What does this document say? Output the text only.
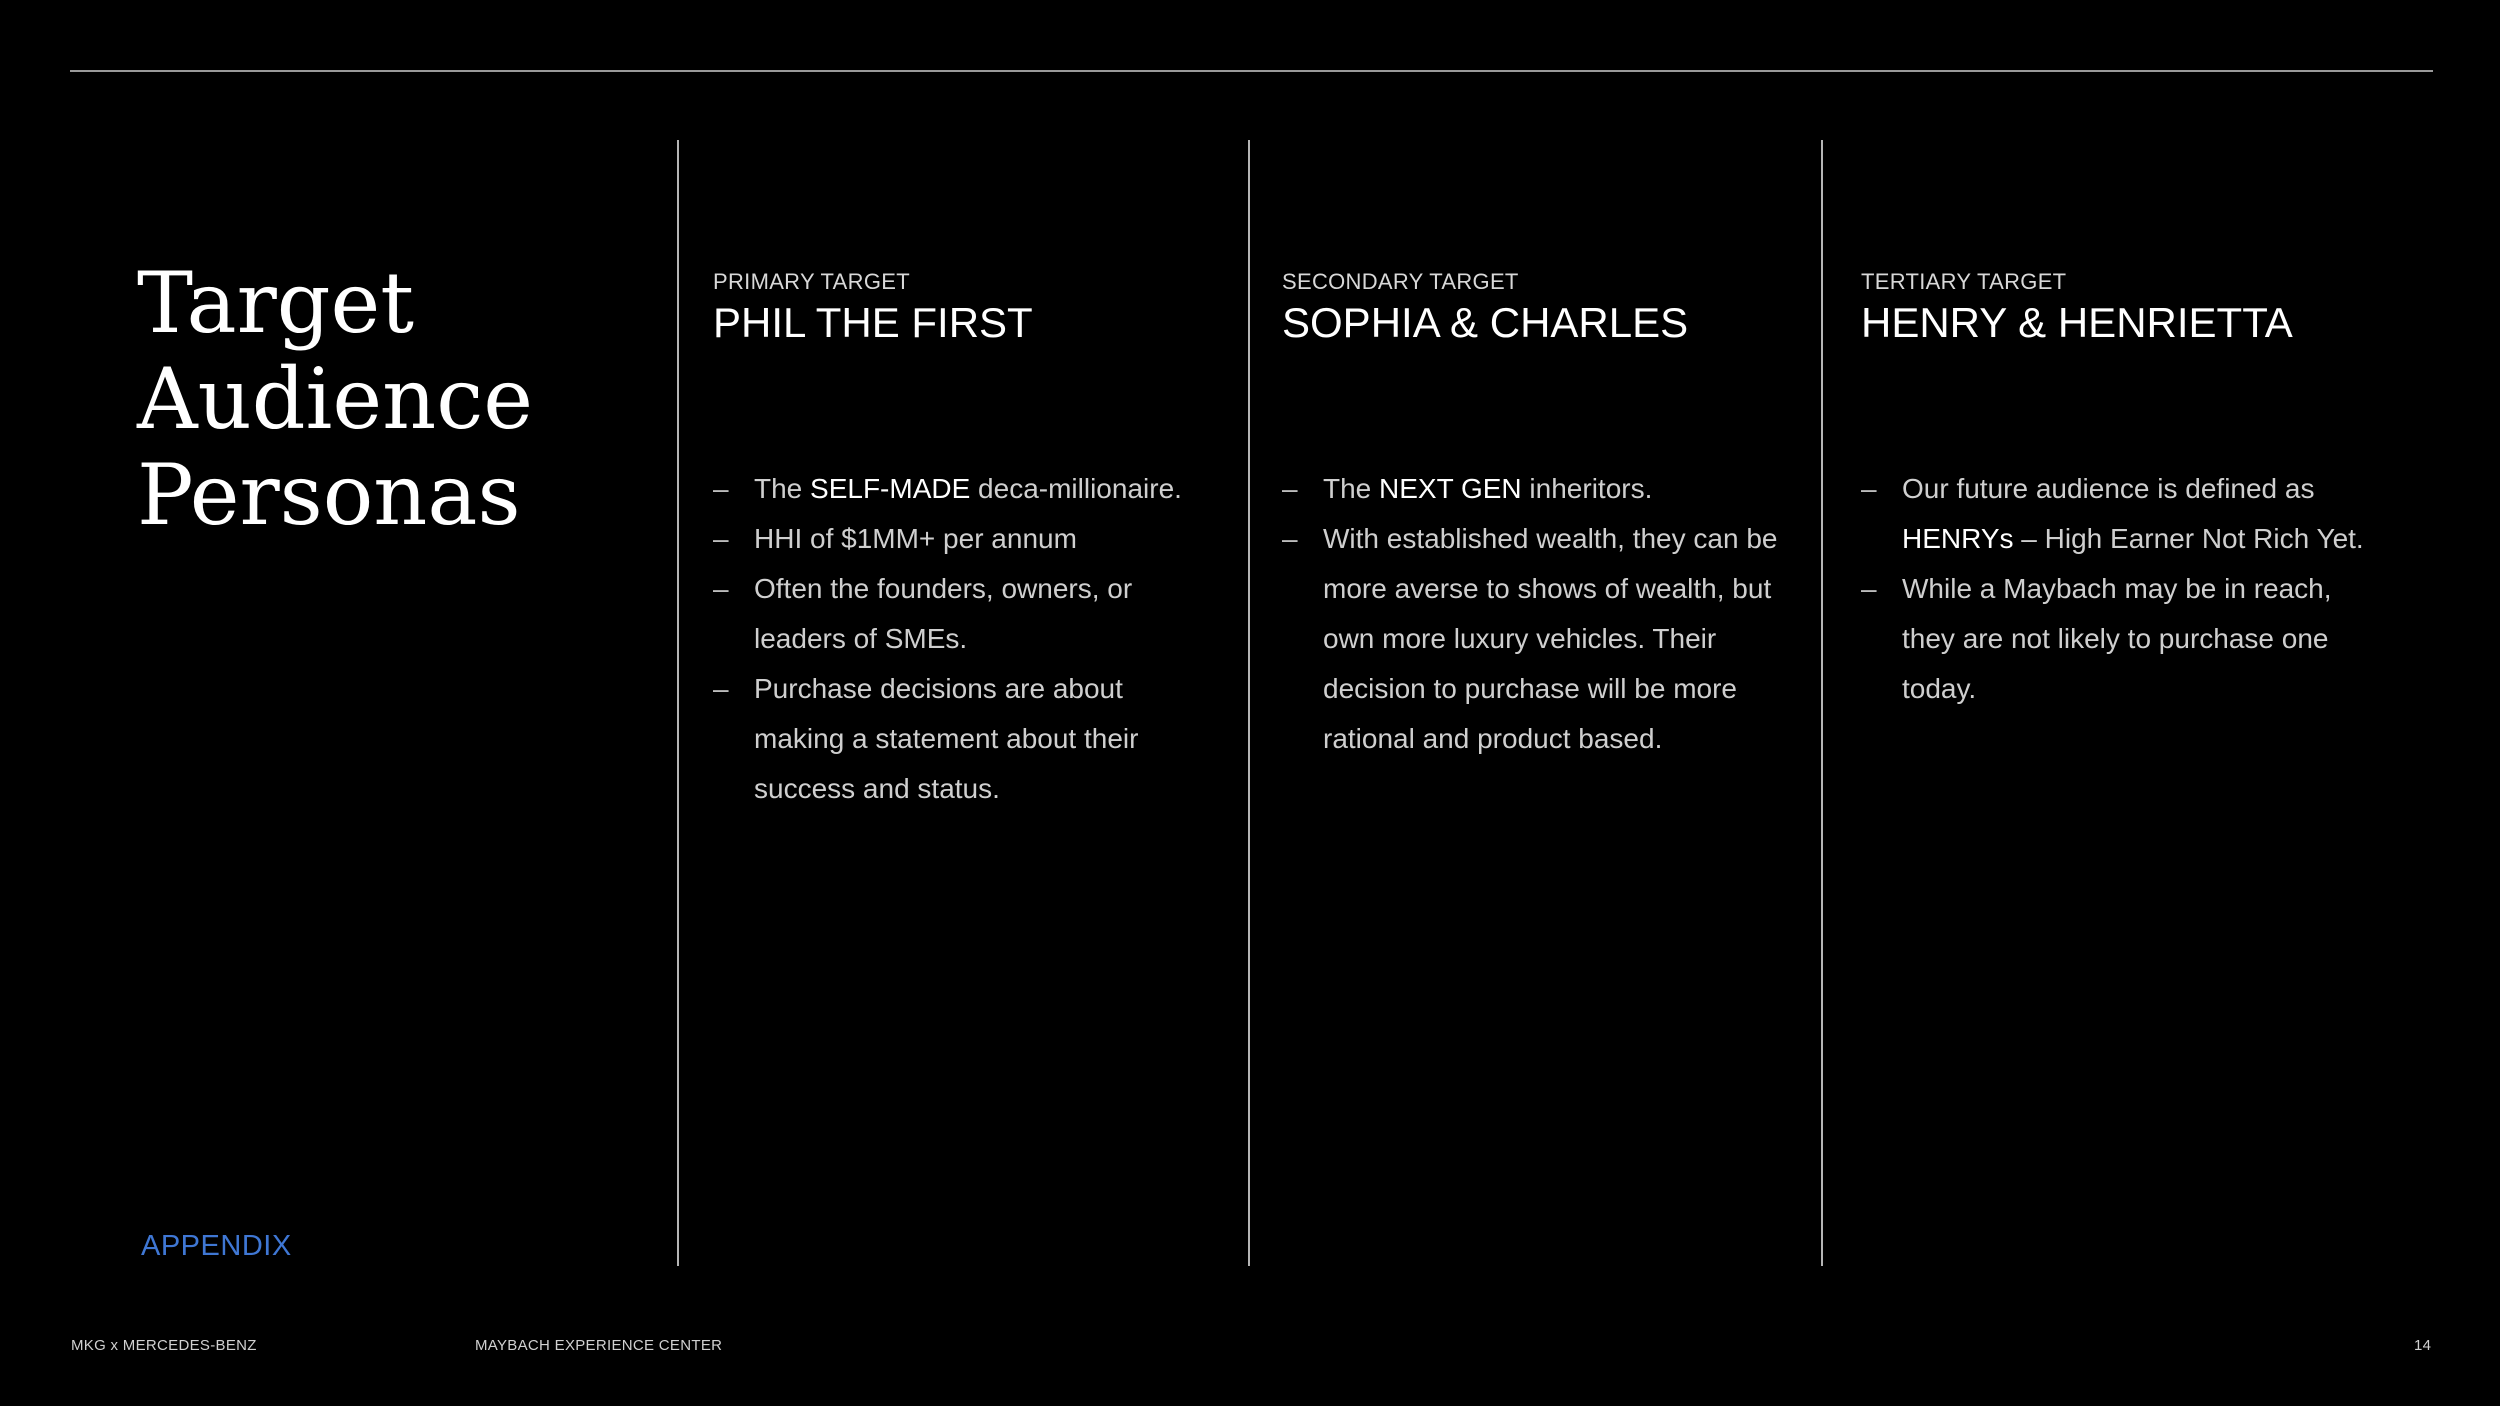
Target
Audience
Personas
APPENDIX
PRIMARY TARGET
PHIL THE FIRST
– The SELF-MADE deca-millionaire.
– HHI of $1MM+ per annum
– Often the founders, owners, or leaders of SMEs.
– Purchase decisions are about making a statement about their success and status.
SECONDARY TARGET
SOPHIA & CHARLES
– The NEXT GEN inheritors.
– With established wealth, they can be more averse to shows of wealth, but own more luxury vehicles. Their decision to purchase will be more rational and product based.
TERTIARY TARGET
HENRY & HENRIETTA
– Our future audience is defined as HENRYs – High Earner Not Rich Yet.
– While a Maybach may be in reach, they are not likely to purchase one today.
MKG x MERCEDES-BENZ	MAYBACH EXPERIENCE CENTER	14
